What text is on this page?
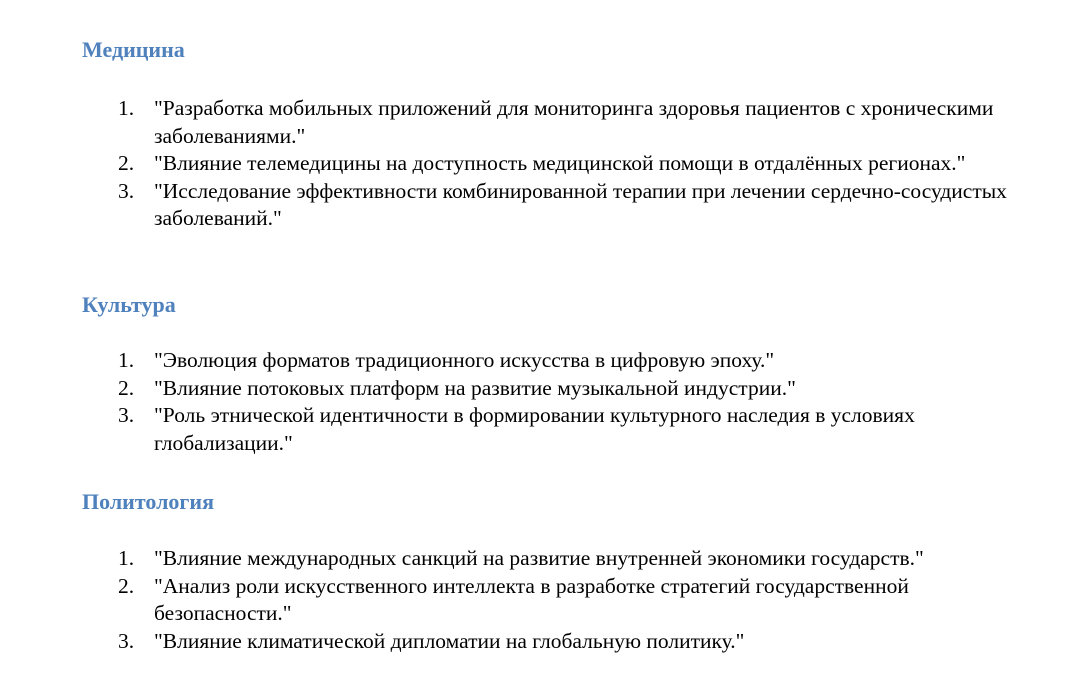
Медицина
1. "Разработка мобильных приложений для мониторинга здоровья пациентов с хроническими заболеваниями."
2. "Влияние телемедицины на доступность медицинской помощи в отдалённых регионах."
3. "Исследование эффективности комбинированной терапии при лечении сердечно-сосудистых заболеваний."
Культура
1. "Эволюция форматов традиционного искусства в цифровую эпоху."
2. "Влияние потоковых платформ на развитие музыкальной индустрии."
3. "Роль этнической идентичности в формировании культурного наследия в условиях глобализации."
Политология
1. "Влияние международных санкций на развитие внутренней экономики государств."
2. "Анализ роли искусственного интеллекта в разработке стратегий государственной безопасности."
3. "Влияние климатической дипломатии на глобальную политику."
